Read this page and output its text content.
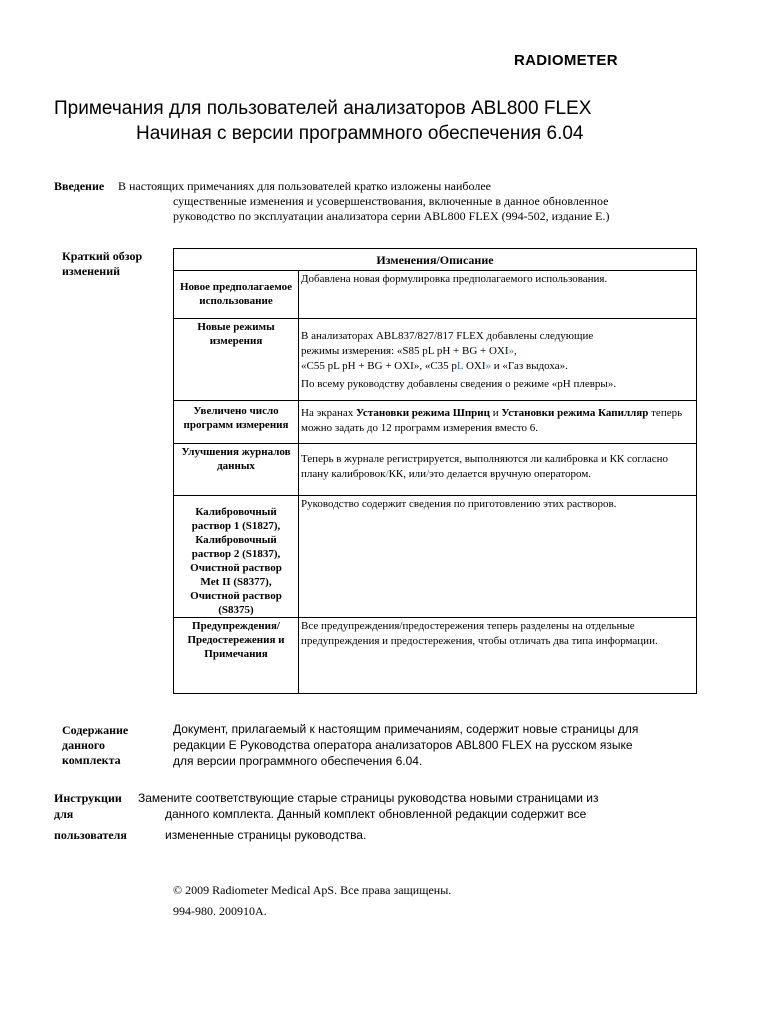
RADIOMETER
Примечания для пользователей анализаторов ABL800 FLEX
Начиная с версии программного обеспечения 6.04
Введение В настоящих примечаниях для пользователей кратко изложены наиболее
существенные изменения и усовершенствования, включенные в данное обновленное
руководство по эксплуатации анализатора серии ABL800 FLEX (994-502, издание E.)
Краткий обзор изменений
Изменения/Описание	

Новое предполагаемое использование	Добавлена новая формулировка предполагаемого использования.

Новые режимы измерения	В анализаторах ABL837/827/817 FLEX добавлены следующие

режимы измерения: «S85 pL pH + BG + OXI»,

«C55 pL pH + BG + OXI», «C35 pL OXI» и «Газ выдоха».

По всему руководству добавлены сведения о режиме «pH плевры».

Увеличено число программ измерения	На экранах Установки режима Шприц и Установки режима Капилляр теперь можно задать до 12 программ измерения вместо 6.

Улучшения журналов данных	Теперь в журнале регистрируется, выполняются ли калибровка и КК согласно плану калибровок/КК, или/это делается вручную оператором.

Калибровочный раствор 1 (S1827), Калибровочный раствор 2 (S1837), Очистной раствор Met II (S8377), Очистной раствор (S8375)	Руководство содержит сведения по приготовлению этих растворов.

Предупреждения/ Предостережения и Примечания	Все предупреждения/предостережения теперь разделены на отдельные предупреждения и предостережения, чтобы отличать два типа информации.

Содержание данного комплекта
Документ, прилагаемый к настоящим примечаниям, содержит новые страницы для
редакции E Руководства оператора анализаторов ABL800 FLEX на русском языке
для версии программного обеспечения 6.04.
Инструкции
для
пользователя
Замените соответствующие старые страницы руководства новыми страницами из
данного комплекта. Данный комплект обновленной редакции содержит все
измененные страницы руководства.
© 2009 Radiometer Medical ApS. Все права защищены.
994-980. 200910A.
